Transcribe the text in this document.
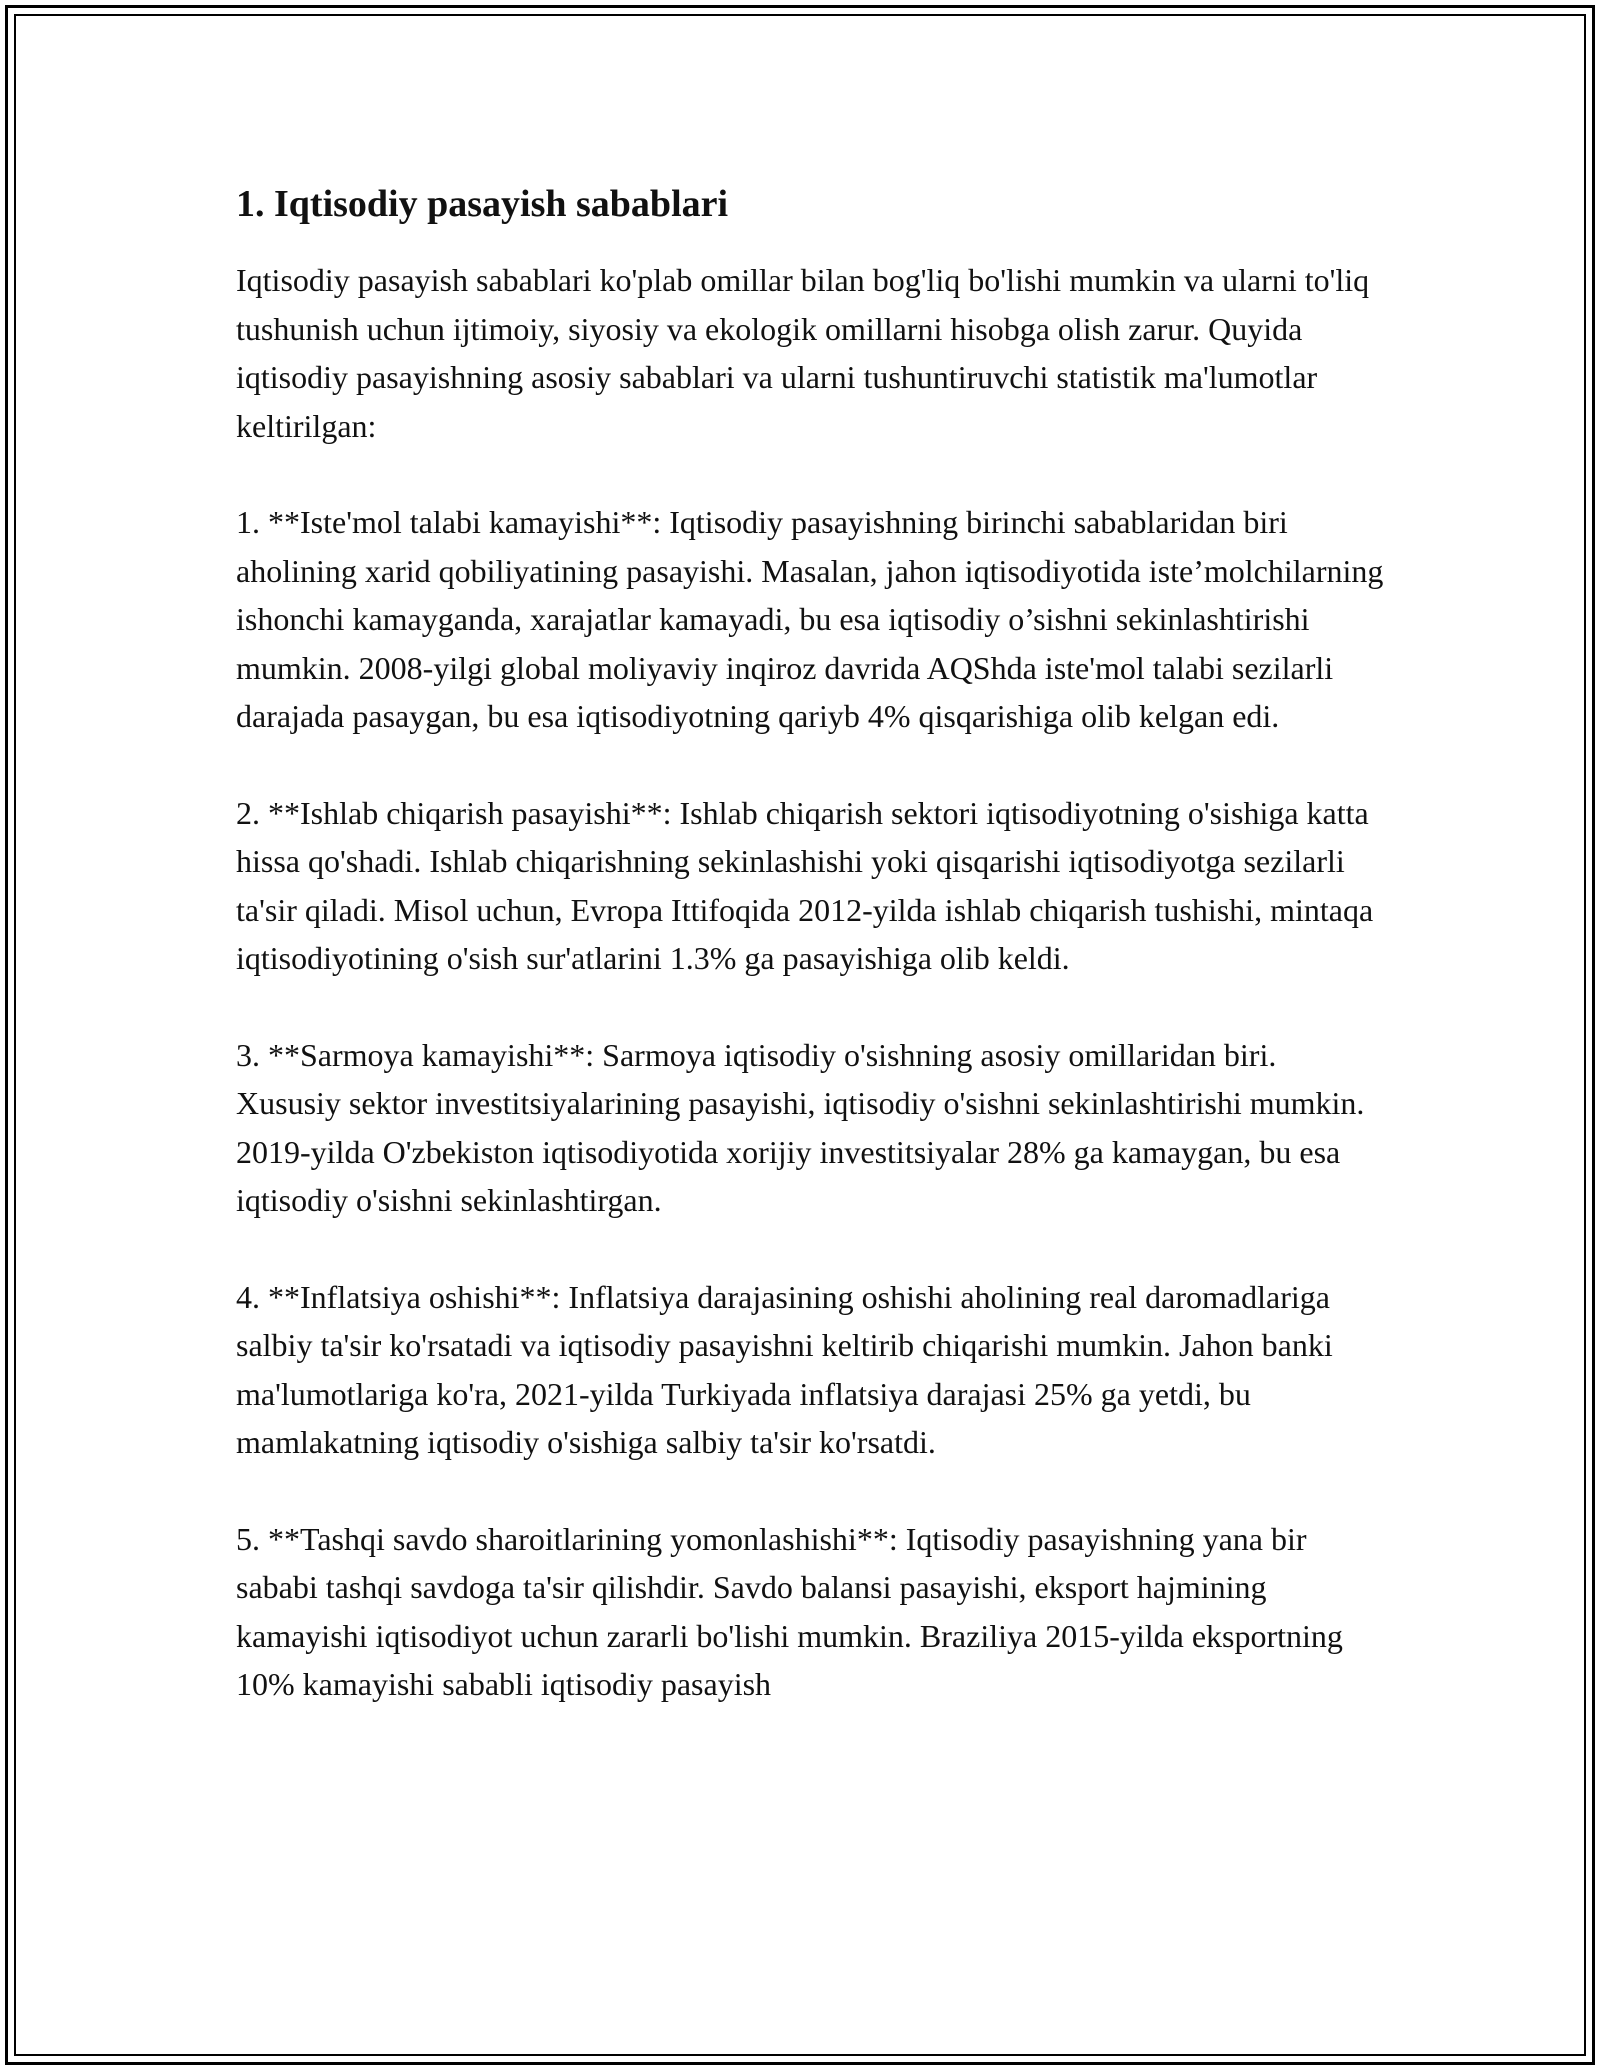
1. Iqtisodiy pasayish sabablari

Iqtisodiy pasayish sabablari ko'plab omillar bilan bog'liq bo'lishi mumkin va ularni to'liq tushunish uchun ijtimoiy, siyosiy va ekologik omillarni hisobga olish zarur. Quyida iqtisodiy pasayishning asosiy sabablari va ularni tushuntiruvchi statistik ma'lumotlar keltirilgan:

1. **Iste'mol talabi kamayishi**: Iqtisodiy pasayishning birinchi sabablaridan biri aholining xarid qobiliyatining pasayishi. Masalan, jahon iqtisodiyotida iste’molchilarning ishonchi kamayganda, xarajatlar kamayadi, bu esa iqtisodiy o’sishni sekinlashtirishi mumkin. 2008-yilgi global moliyaviy inqiroz davrida AQShda iste'mol talabi sezilarli darajada pasaygan, bu esa iqtisodiyotning qariyb 4% qisqarishiga olib kelgan edi.

2. **Ishlab chiqarish pasayishi**: Ishlab chiqarish sektori iqtisodiyotning o'sishiga katta hissa qo'shadi. Ishlab chiqarishning sekinlashishi yoki qisqarishi iqtisodiyotga sezilarli ta'sir qiladi. Misol uchun, Evropa Ittifoqida 2012-yilda ishlab chiqarish tushishi, mintaqa iqtisodiyotining o'sish sur'atlarini 1.3% ga pasayishiga olib keldi.

3. **Sarmoya kamayishi**: Sarmoya iqtisodiy o'sishning asosiy omillaridan biri. Xususiy sektor investitsiyalarining pasayishi, iqtisodiy o'sishni sekinlashtirishi mumkin. 2019-yilda O'zbekiston iqtisodiyotida xorijiy investitsiyalar 28% ga kamaygan, bu esa iqtisodiy o'sishni sekinlashtirgan.

4. **Inflatsiya oshishi**: Inflatsiya darajasining oshishi aholining real daromadlariga salbiy ta'sir ko'rsatadi va iqtisodiy pasayishni keltirib chiqarishi mumkin. Jahon banki ma'lumotlariga ko'ra, 2021-yilda Turkiyada inflatsiya darajasi 25% ga yetdi, bu mamlakatning iqtisodiy o'sishiga salbiy ta'sir ko'rsatdi.

5. **Tashqi savdo sharoitlarining yomonlashishi**: Iqtisodiy pasayishning yana bir sababi tashqi savdoga ta'sir qilishdir. Savdo balansi pasayishi, eksport hajmining kamayishi iqtisodiyot uchun zararli bo'lishi mumkin. Braziliya 2015-yilda eksportning 10% kamayishi sababli iqtisodiy pasayish
